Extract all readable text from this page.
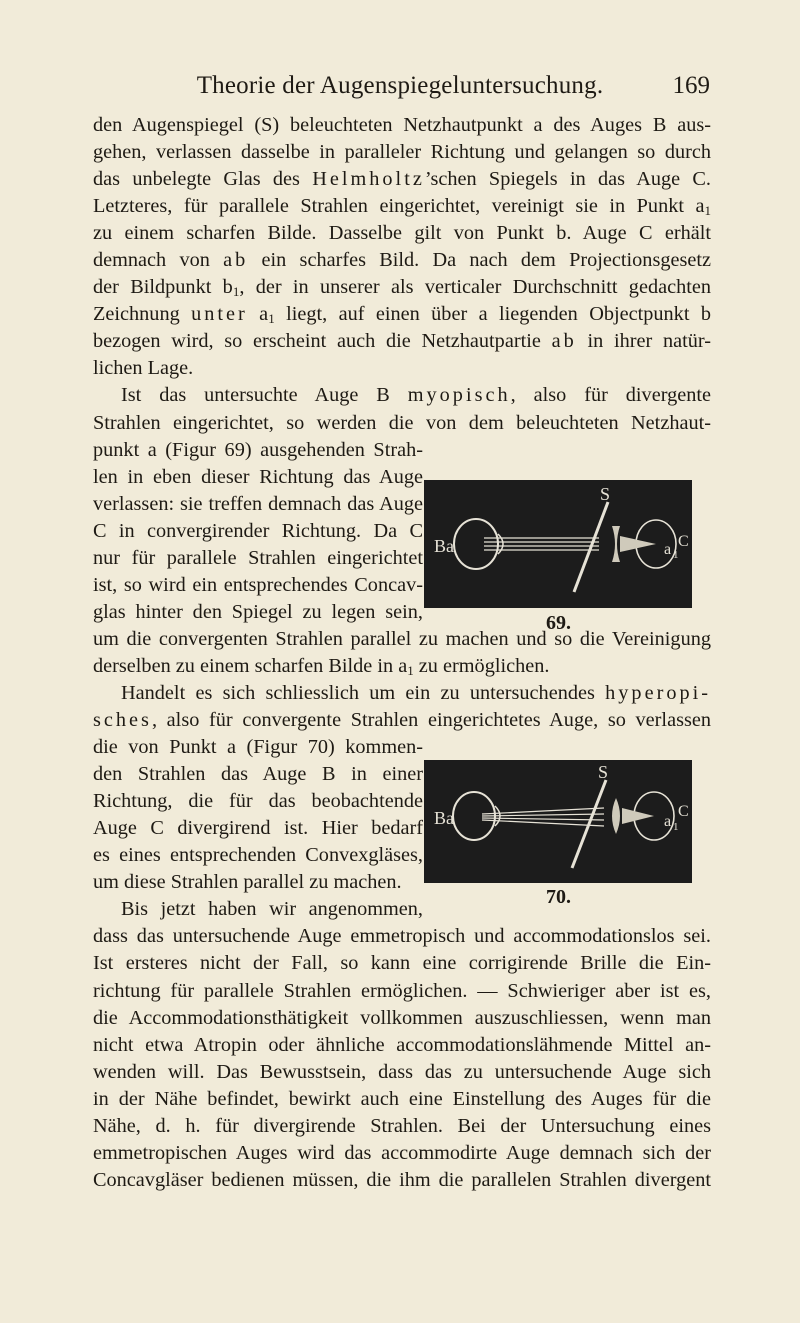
Theorie der Augenspiegeluntersuchung.	169
den Augenspiegel (S) beleuchteten Netzhautpunkt a des Auges B aus-
gehen, verlassen dasselbe in paralleler Richtung und gelangen so durch
das unbelegte Glas des Helmholtz’schen Spiegels in das Auge C.
Letzteres, für parallele Strahlen eingerichtet, vereinigt sie in Punkt $a_1$
zu einem scharfen Bilde. Dasselbe gilt von Punkt b. Auge C erhält
demnach von ab ein scharfes Bild. Da nach dem Projectionsgesetz
der Bildpunkt $b_1$, der in unserer als verticaler Durchschnitt gedachten
Zeichnung unter $a_1$ liegt, auf einen über a liegenden Objectpunkt b
bezogen wird, so erscheint auch die Netzhautpartie ab in ihrer natür-
lichen Lage.
Ist das untersuchte Auge B myopisch, also für divergente
Strahlen eingerichtet, so werden die von dem beleuchteten Netzhaut-
punkt a (Figur 69) ausgehenden Strah-
len in eben dieser Richtung das Auge
verlassen: sie treffen demnach das Auge
C in convergirender Richtung. Da C
nur für parallele Strahlen eingerichtet
ist, so wird ein entsprechendes Concav-
glas hinter den Spiegel zu legen sein,
um die convergenten Strahlen parallel zu machen und so die Vereinigung
derselben zu einem scharfen Bilde in $a_1$ zu ermöglichen.
Handelt es sich schliesslich um ein zu untersuchendes hyperopi-
sches, also für convergente Strahlen eingerichtetes Auge, so verlassen
die von Punkt a (Figur 70) kommen-
den Strahlen das Auge B in einer
Richtung, die für das beobachtende
Auge C divergirend ist. Hier bedarf
es eines entsprechenden Convexgläses,
um diese Strahlen parallel zu machen.
Bis jetzt haben wir angenommen,
dass das untersuchende Auge emmetropisch und accommodationslos sei.
Ist ersteres nicht der Fall, so kann eine corrigirende Brille die Ein-
richtung für parallele Strahlen ermöglichen. — Schwieriger aber ist es,
die Accommodationsthätigkeit vollkommen auszuschliessen, wenn man
nicht etwa Atropin oder ähnliche accommodationslähmende Mittel an-
wenden will. Das Bewusstsein, dass das zu untersuchende Auge sich
in der Nähe befindet, bewirkt auch eine Einstellung des Auges für die
Nähe, d. h. für divergirende Strahlen. Bei der Untersuchung eines
emmetropischen Auges wird das accommodirte Auge demnach sich der
Concavgläser bedienen müssen, die ihm die parallelen Strahlen divergent
B a
S
a 1
C
69.
B a
S
a 1
C
70.
